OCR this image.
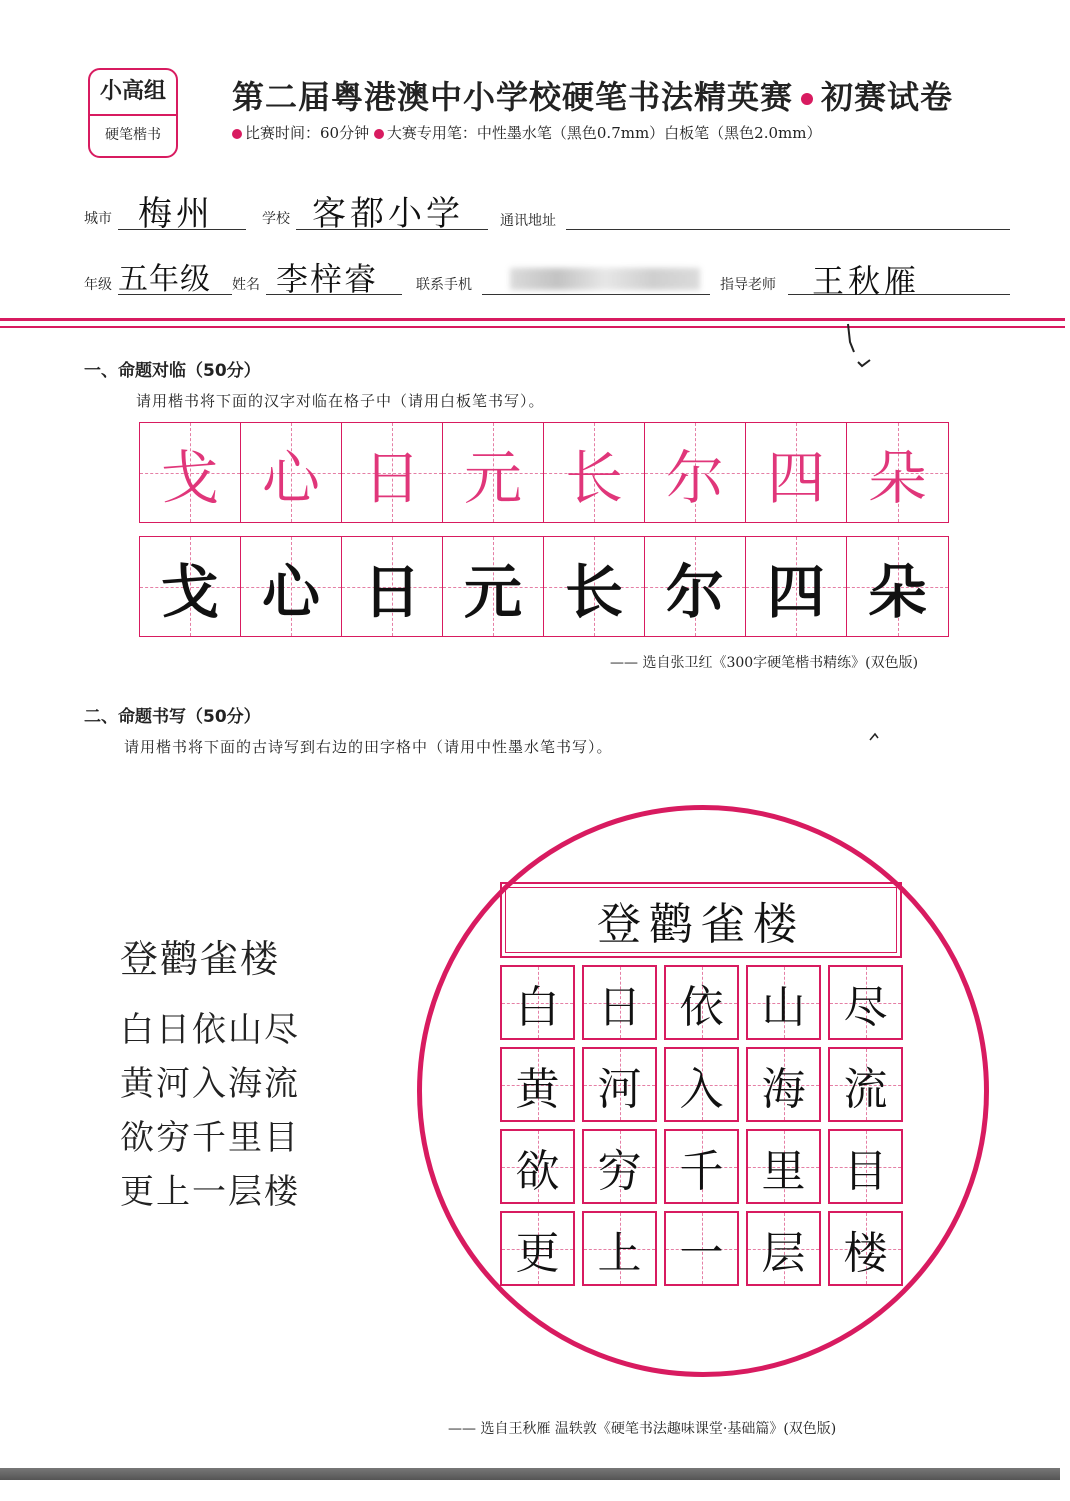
小高组
硬笔楷书
第二届粤港澳中小学校硬笔书法精英赛 初赛试卷
比赛时间：60分钟 大赛专用笔：中性墨水笔（黑色0.7mm）白板笔（黑色2.0mm）
城市 梅州	学校 客都小学	通讯地址
年级 五年级 姓名 李梓睿	联系手机	指导老师 王秋雁
一、命题对临（50分）
请用楷书将下面的汉字对临在格子中（请用白板笔书写）。
戈 心 日 元 长 尔 四 朵
戈 心 日 元 长 尔 四 朵
—— 选自张卫红《300字硬笔楷书精练》(双色版)
二、命题书写（50分）
请用楷书将下面的古诗写到右边的田字格中（请用中性墨水笔书写）。
登鹳雀楼
白日依山尽
黄河入海流
欲穷千里目
更上一层楼
登鹳雀楼
白 日 依 山 尽
黄 河 入 海 流
欲 穷 千 里 目
更 上 一 层 楼
—— 选自王秋雁 温轶敦《硬笔书法趣味课堂·基础篇》(双色版)
